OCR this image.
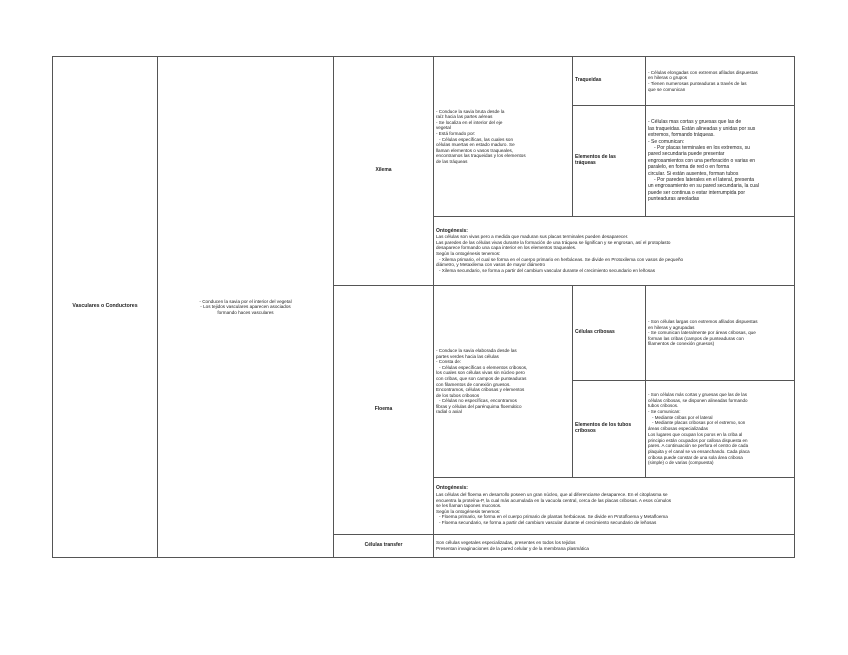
Vasculares o Conductores
- Conducen la savia por el interior del vegetal
- Los tejidos vasculares aparecen asociados
formando haces vasculares
Xilema
- Conduce la savia bruta desde la
raíz hacia las partes aéreas
- Se localiza en el interior del eje
vegetal
- Está formado por:
- Células específicas, las cuales son
células muertas en estado maduro. Se
llaman elementos o vasos traqueales,
encontramos las traqueidas y los elementos
de las tráqueas
Traqueidas
- Células elongadas con extremos afilados dispuestas
en hileras o grupos
- Tienen numerosas punteaduras a través de las
que se comunican
Elementos de las tráqueas
- Células mas cortas y gruesas que las de
las traqueidas. Están alineadas y unidas por sus
extremos, formando tráqueas.
- Se comunican:
- Por placas terminales en los extremos, su
pared secundaria puede presentar
engrosamientos con una perforación o varias en
paralelo, en forma de red o en forma
circular. Si están ausentes, forman tubos
- Por paredes laterales en el lateral, presenta
un engrosamiento en su pared secundaria, la cual
puede ser continua o estar interrumpida por
punteaduras areoladas
Ontogénesis:
Las células son vivas pero a medida que maduran sus placas terminales pueden desaparecer.
Las paredes de las células vivas durante la formación de una tráquea se lignifican y se engrosan, así el protoplasto
desaparece formando una capa interior en los elementos traqueales.
Según la ontogénesis tenemos:
- Xilema primario, el cual se forma en el cuerpo primario en herbáceas. Se divide en Protoxilema con vasos de pequeño
diámetro, y Metaxilema con vasos de mayor diámetro
- Xilema secundario, se forma a partir del cambium vascular durante el crecimiento secundario en leñosas
Floema
- Conduce la savia elaborada desde las
partes verdes hacia las células
- Consta de:
- Células específicas o elementos cribosos,
los cuales son células vivas sin núcleo pero
con cribas, que son campos de punteaduras
con filamentos de conexión gruesos.
Encontramos, células cribosas y elementos
de los tubos cribosos
- Células no específicas, encontramos
fibras y células del parénquima floemático
radial o axial
Células cribosas
- Son células largas con extremos afilados dispuestas
en hileras y agrupadas
- Se comunican lateralmente por áreas cribosas, que
forman las cribas (campos de punteaduras con
filamentos de conexión gruesos)
Elementos de los tubos cribosos
- Son células más cortas y gruesas que las de las
células cribosas, se disponen alineadas formando
tubos cribosos.
- Se comunican:
- Mediante cribas por el lateral
- Mediante placas cribosas por el extremo, son
áreas cribosas especializadas
Los lugares que ocupan los poros en la criba al
principio están ocupados por callosa dispuesta en
pares. A continuación se perfora el centro de cada
plaquita y el canal se va ensanchando. Cada placa
cribosa puede constar de una sola área cribosa
(simple) o de varias (compuesta)
Ontogénesis:
Las células del floema en desarrollo poseen un gran núcleo, que al diferenciarse desaparece. En el citoplasma se
encuentra la proteína-P, la cual más acumulada en la vacuola central, cerca de las placas cribosas. A esos cúmulos
se les llaman tapones mucosos.
Según la ontogénesis tenemos:
- Floema primario, se forma en el cuerpo primario de plantas herbáceas. Se divide en Protofloema y Metafloema
- Floema secundario, se forma a partir del cambium vascular durante el crecimiento secundario de leñosas
Células transfer	Son células vegetales especializadas, presentes en todos los tejidos
Presentan invaginaciones de la pared celular y de la membrana plasmática
